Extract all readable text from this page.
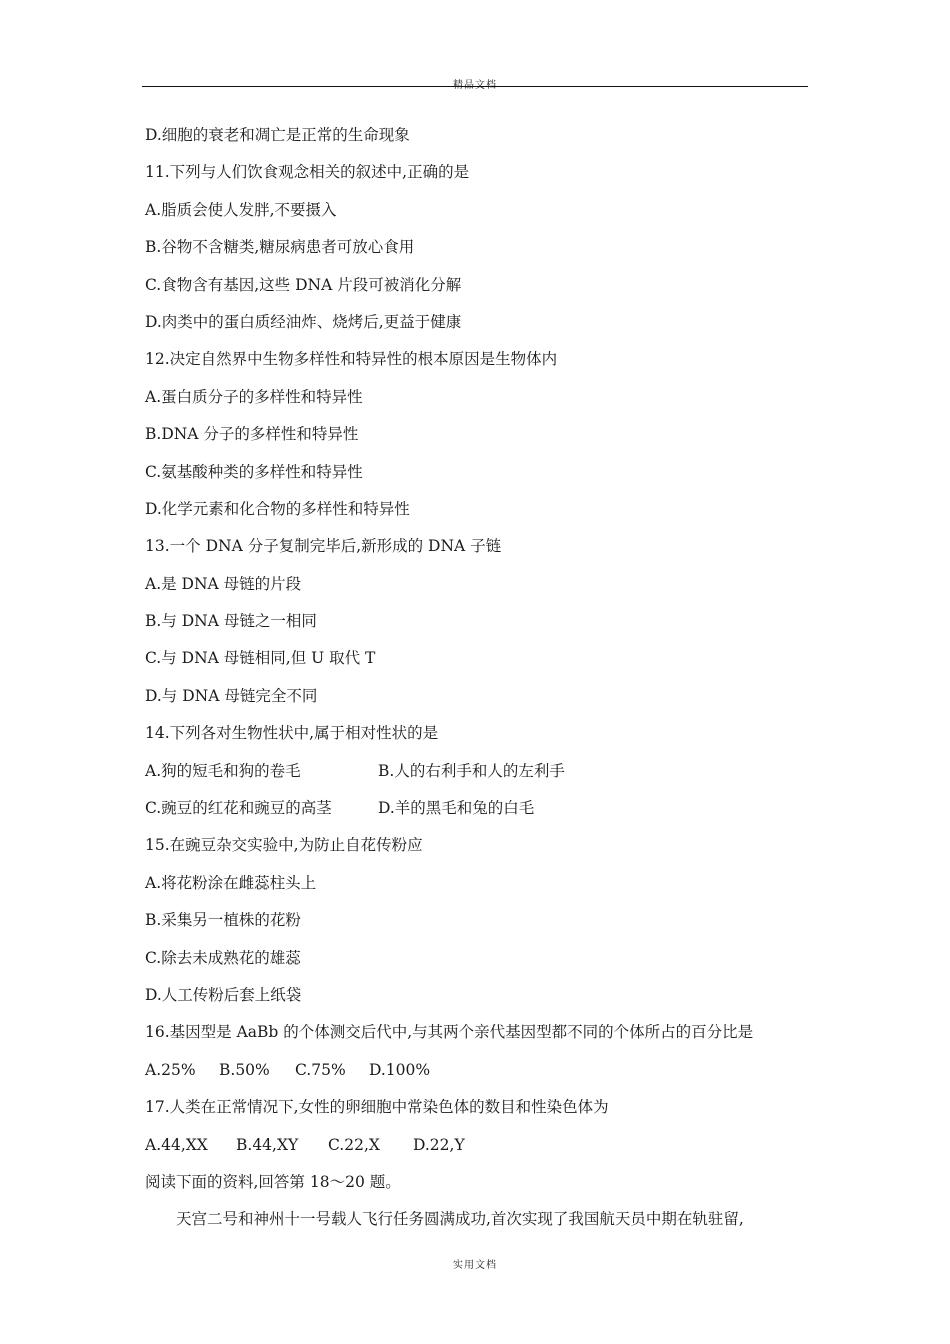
精品文档
D.细胞的衰老和凋亡是正常的生命现象
11.下列与人们饮食观念相关的叙述中,正确的是
A.脂质会使人发胖,不要摄入
B.谷物不含糖类,糖尿病患者可放心食用
C.食物含有基因,这些 DNA 片段可被消化分解
D.肉类中的蛋白质经油炸、烧烤后,更益于健康
12.决定自然界中生物多样性和特异性的根本原因是生物体内
A.蛋白质分子的多样性和特异性
B.DNA 分子的多样性和特异性
C.氨基酸种类的多样性和特异性
D.化学元素和化合物的多样性和特异性
13.一个 DNA 分子复制完毕后,新形成的 DNA 子链
A.是 DNA 母链的片段
B.与 DNA 母链之一相同
C.与 DNA 母链相同,但 U 取代 T
D.与 DNA 母链完全不同
14.下列各对生物性状中,属于相对性状的是
A.狗的短毛和狗的卷毛	B.人的右利手和人的左利手
C.豌豆的红花和豌豆的高茎	D.羊的黑毛和兔的白毛
15.在豌豆杂交实验中,为防止自花传粉应
A.将花粉涂在雌蕊柱头上
B.采集另一植株的花粉
C.除去未成熟花的雄蕊
D.人工传粉后套上纸袋
16.基因型是 AaBb 的个体测交后代中,与其两个亲代基因型都不同的个体所占的百分比是
A.25% B.50% C.75% D.100%
17.人类在正常情况下,女性的卵细胞中常染色体的数目和性染色体为
A.44,XX B.44,XY C.22,X D.22,Y
阅读下面的资料,回答第 18～20 题。
天宫二号和神州十一号载人飞行任务圆满成功,首次实现了我国航天员中期在轨驻留,
实用文档
